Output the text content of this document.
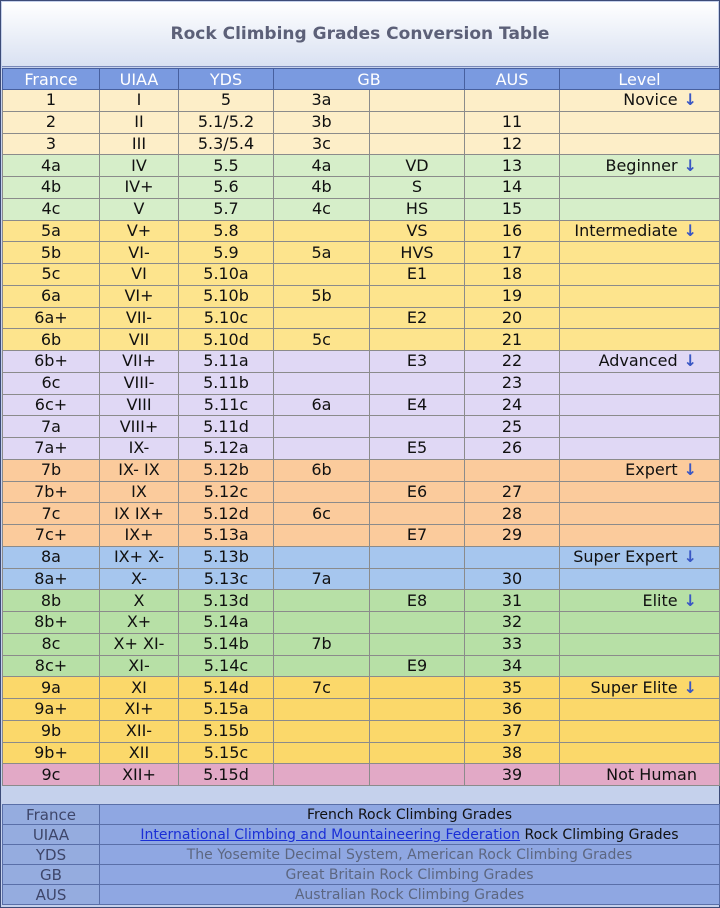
Rock Climbing Grades Conversion Table
France	UIAA	YDS	GB		AUS	Level
1	I	5	3a			Novice ↓
2	II	5.1/5.2	3b		11	
3	III	5.3/5.4	3c		12	
4a	IV	5.5	4a	VD	13	Beginner ↓
4b	IV+	5.6	4b	S	14	
4c	V	5.7	4c	HS	15	
5a	V+	5.8		VS	16	Intermediate ↓
5b	VI-	5.9	5a	HVS	17	
5c	VI	5.10a		E1	18	
6a	VI+	5.10b	5b		19	
6a+	VII-	5.10c		E2	20	
6b	VII	5.10d	5c		21	
6b+	VII+	5.11a		E3	22	Advanced ↓
6c	VIII-	5.11b			23	
6c+	VIII	5.11c	6a	E4	24	
7a	VIII+	5.11d			25	
7a+	IX-	5.12a		E5	26	
7b	IX- IX	5.12b	6b			Expert ↓
7b+	IX	5.12c		E6	27	
7c	IX IX+	5.12d	6c		28	
7c+	IX+	5.13a		E7	29	
8a	IX+ X-	5.13b				Super Expert ↓
8a+	X-	5.13c	7a		30	
8b	X	5.13d		E8	31	Elite ↓
8b+	X+	5.14a			32	
8c	X+ XI-	5.14b	7b		33	
8c+	XI-	5.14c		E9	34	
9a	XI	5.14d	7c		35	Super Elite ↓
9a+	XI+	5.15a			36	
9b	XII-	5.15b			37	
9b+	XII	5.15c			38	
9c	XII+	5.15d			39	Not Human
France	French Rock Climbing Grades
UIAA	International Climbing and Mountaineering Federation Rock Climbing Grades
YDS	The Yosemite Decimal System, American Rock Climbing Grades
GB	Great Britain Rock Climbing Grades
AUS	Australian Rock Climbing Grades
